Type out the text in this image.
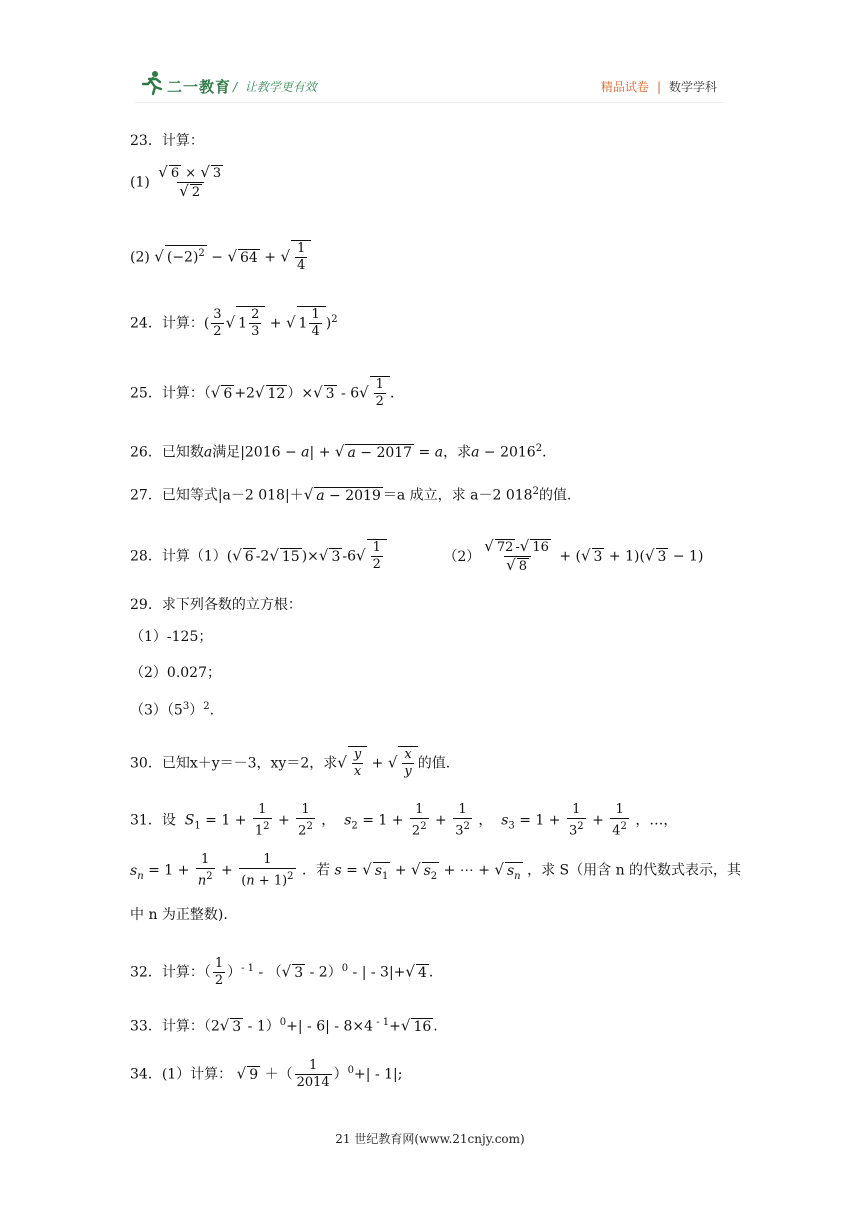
二一教育 / 让教学更有效	精品试卷 | 数学学科
23．计算：
$(1) \frac{√ 6 \times √ 3}{√ 2}$
(2) √ $(-2)^2$ − √ 64 + √ $\frac{1}{4}$
24．计算：( $\frac{3}{2}$ √ $1 \frac{2}{3}$ + √ $1 \frac{1}{4} )^2$
25．计算：（√ 6 +2√ 12 ）×√ $3 - 6√ \frac{1}{2}$ ．
26．已知数a满足|2016 − a| + √ a − 2017 = a，求$a - 2016^2$．
27．已知等式|a－2 018|＋√ a − 2019 ＝a 成立，求 a－2 $018^2$的值.
28．计算（1）(√ 6 -2√ 15 )×√ 3 $-6√ \frac{1}{2}$	$(2) \frac{√ 72 -√ 16}{√ 8}$ + (√ 3 + 1)(√ 3 − 1)
29．求下列各数的立方根：
（1）-125；
（2）0.027；
$(3)(5^3)^2$.
30．已知x＋y＝－3，xy＝2，求√ $\frac{y}{x}$ + √ $\frac{x}{y}$ 的值.
31．设 $S_1 = 1 + \frac{1}{1^2} + \frac{1}{2^2}$ ， $s_2 = 1 + \frac{1}{2^2} + \frac{1}{3^2}$ ， $s_3 = 1 + \frac{1}{3^2} + \frac{1}{4^2}$ ，…，
$s_n = 1 + \frac{1}{n^2} + \frac{1}{(n + 1)^2}$ ．若 s = √ $s_1$ + √ $s_2$ + ⋯ + √ $s_n$ ，求 S（用含 n 的代数式表示，其
中 n 为正整数).
32．计算：（ $\frac{1}{2} )^{- 1}$ - （√ 3 - 2）$^0$ - | - 3|+√ 4 .
33．计算：（2√ 3 - 1）$^0$+| - 6| - 8×4 $^{- 1}$+√ 16 .
34．(1）计算： √ 9 ＋（ $\frac{1}{2014} )^0+| - 1|$;
21 世纪教育网(www.21cnjy.com)
